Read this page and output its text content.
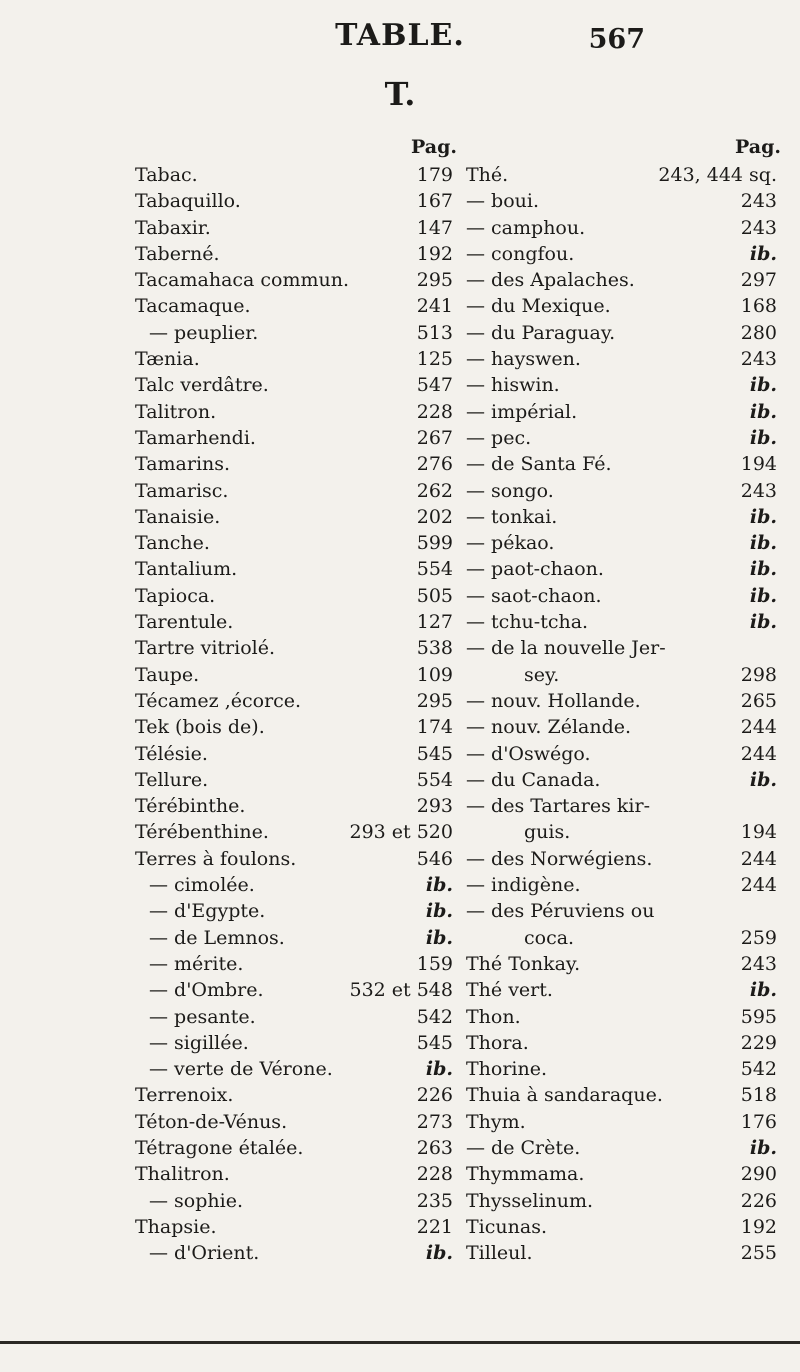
TABLE.	567
T.
Pag.
Tabac.	179
Tabaquillo.	167
Tabaxir.	147
Taberné.	192
Tacamahaca commun.	295
Tacamaque.	241
— peuplier.	513
Tænia.	125
Talc verdâtre.	547
Talitron.	228
Tamarhendi.	267
Tamarins.	276
Tamarisc.	262
Tanaisie.	202
Tanche.	599
Tantalium.	554
Tapioca.	505
Tarentule.	127
Tartre vitriolé.	538
Taupe.	109
Técamez ,écorce.	295
Tek (bois de).	174
Télésie.	545
Tellure.	554
Térébinthe.	293
Térébenthine.	293 et 520
Terres à foulons.	546
— cimolée.	ib.
— d'Egypte.	ib.
— de Lemnos.	ib.
— mérite.	159
— d'Ombre.	532 et 548
— pesante.	542
— sigillée.	545
— verte de Vérone.	ib.
Terrenoix.	226
Téton-de-Vénus.	273
Tétragone étalée.	263
Thalitron.	228
— sophie.	235
Thapsie.	221
— d'Orient.	ib.
Pag.
Thé.	243, 444 sq.
— boui.	243
— camphou.	243
— congfou.	ib.
— des Apalaches.	297
— du Mexique.	168
— du Paraguay.	280
— hayswen.	243
— hiswin.	ib.
— impérial.	ib.
— pec.	ib.
— de Santa Fé.	194
— songo.	243
— tonkai.	ib.
— pékao.	ib.
— paot-chaon.	ib.
— saot-chaon.	ib.
— tchu-tcha.	ib.
— de la nouvelle Jer-
sey.	298
— nouv. Hollande.	265
— nouv. Zélande.	244
— d'Oswégo.	244
— du Canada.	ib.
— des Tartares kir-
guis.	194
— des Norwégiens.	244
— indigène.	244
— des Péruviens ou
coca.	259
Thé Tonkay.	243
Thé vert.	ib.
Thon.	595
Thora.	229
Thorine.	542
Thuia à sandaraque.	518
Thym.	176
— de Crète.	ib.
Thymmama.	290
Thysselinum.	226
Ticunas.	192
Tilleul.	255
